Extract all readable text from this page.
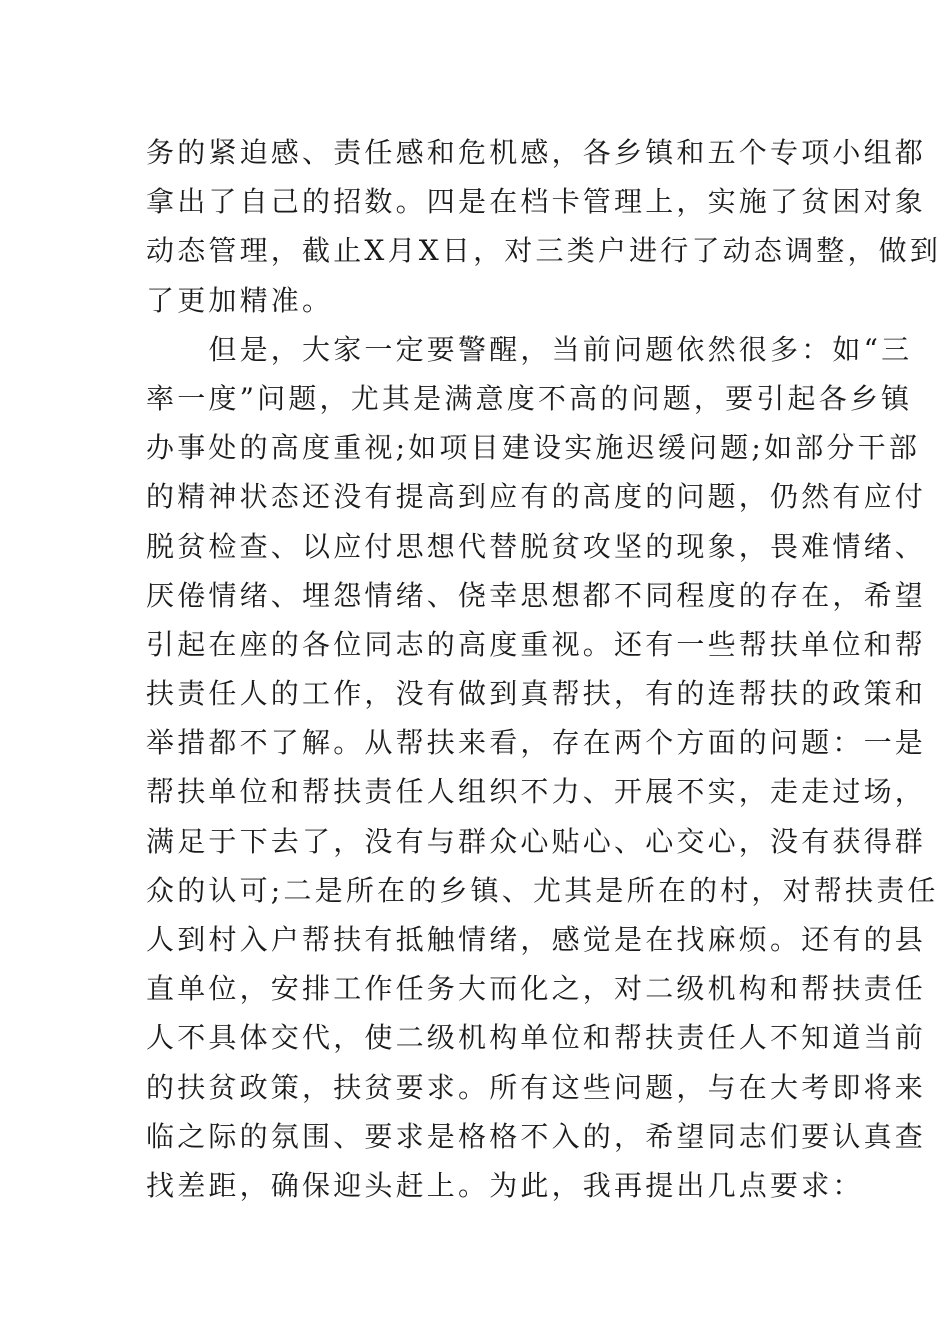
务的紧迫感、责任感和危机感，各乡镇和五个专项小组都
拿出了自己的招数。四是在档卡管理上，实施了贫困对象
动态管理，截止X月X日，对三类户进行了动态调整，做到
了更加精准。
　　但是，大家一定要警醒，当前问题依然很多：如“三
率一度”问题，尤其是满意度不高的问题，要引起各乡镇
办事处的高度重视;如项目建设实施迟缓问题;如部分干部
的精神状态还没有提高到应有的高度的问题，仍然有应付
脱贫检查、以应付思想代替脱贫攻坚的现象，畏难情绪、
厌倦情绪、埋怨情绪、侥幸思想都不同程度的存在，希望
引起在座的各位同志的高度重视。还有一些帮扶单位和帮
扶责任人的工作，没有做到真帮扶，有的连帮扶的政策和
举措都不了解。从帮扶来看，存在两个方面的问题：一是
帮扶单位和帮扶责任人组织不力、开展不实，走走过场，
满足于下去了，没有与群众心贴心、心交心，没有获得群
众的认可;二是所在的乡镇、尤其是所在的村，对帮扶责任
人到村入户帮扶有抵触情绪，感觉是在找麻烦。还有的县
直单位，安排工作任务大而化之，对二级机构和帮扶责任
人不具体交代，使二级机构单位和帮扶责任人不知道当前
的扶贫政策，扶贫要求。所有这些问题，与在大考即将来
临之际的氛围、要求是格格不入的，希望同志们要认真查
找差距，确保迎头赶上。为此，我再提出几点要求：
